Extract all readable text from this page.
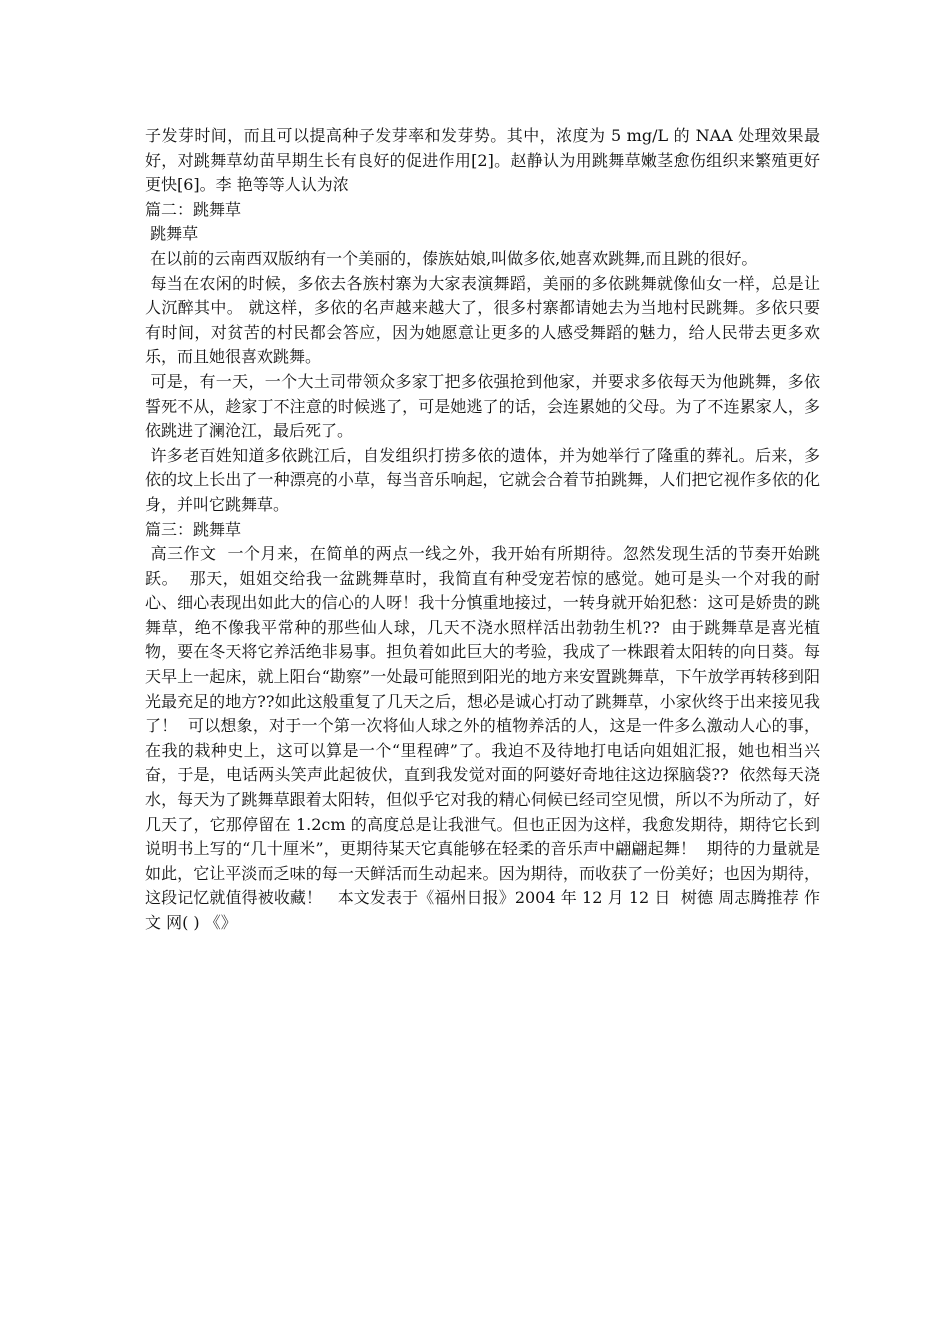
子发芽时间，而且可以提高种子发芽率和发芽势。其中，浓度为 5 mg/L 的 NAA 处理效果最好，对跳舞草幼苗早期生长有良好的促进作用[2]。赵静认为用跳舞草嫩茎愈伤组织来繁殖更好更快[6]。李 艳等等人认为浓

篇二：跳舞草

跳舞草

在以前的云南西双版纳有一个美丽的，傣族姑娘,叫做多依,她喜欢跳舞,而且跳的很好。

每当在农闲的时候，多依去各族村寨为大家表演舞蹈，美丽的多依跳舞就像仙女一样，总是让人沉醉其中。 就这样，多依的名声越来越大了，很多村寨都请她去为当地村民跳舞。多依只要有时间，对贫苦的村民都会答应，因为她愿意让更多的人感受舞蹈的魅力，给人民带去更多欢乐，而且她很喜欢跳舞。

可是，有一天，一个大土司带领众多家丁把多依强抢到他家，并要求多依每天为他跳舞，多依誓死不从，趁家丁不注意的时候逃了，可是她逃了的话，会连累她的父母。为了不连累家人，多依跳进了澜沧江，最后死了。

许多老百姓知道多依跳江后，自发组织打捞多依的遗体，并为她举行了隆重的葬礼。后来，多依的坟上长出了一种漂亮的小草，每当音乐响起，它就会合着节拍跳舞，人们把它视作多依的化身，并叫它跳舞草。

篇三：跳舞草

高三作文  一个月来，在简单的两点一线之外，我开始有所期待。忽然发现生活的节奏开始跳跃。  那天，姐姐交给我一盆跳舞草时，我简直有种受宠若惊的感觉。她可是头一个对我的耐心、细心表现出如此大的信心的人呀！我十分慎重地接过，一转身就开始犯愁：这可是娇贵的跳舞草，绝不像我平常种的那些仙人球，几天不浇水照样活出勃勃生机??  由于跳舞草是喜光植物，要在冬天将它养活绝非易事。担负着如此巨大的考验，我成了一株跟着太阳转的向日葵。每天早上一起床，就上阳台“勘察”一处最可能照到阳光的地方来安置跳舞草，下午放学再转移到阳光最充足的地方??如此这般重复了几天之后，想必是诚心打动了跳舞草，小家伙终于出来接见我了！  可以想象，对于一个第一次将仙人球之外的植物养活的人，这是一件多么激动人心的事，在我的栽种史上，这可以算是一个“里程碑”了。我迫不及待地打电话向姐姐汇报，她也相当兴奋，于是，电话两头笑声此起彼伏，直到我发觉对面的阿婆好奇地往这边探脑袋??  依然每天浇水，每天为了跳舞草跟着太阳转，但似乎它对我的精心伺候已经司空见惯，所以不为所动了，好几天了，它那停留在 1.2cm 的高度总是让我泄气。但也正因为这样，我愈发期待，期待它长到说明书上写的“几十厘米”，更期待某天它真能够在轻柔的音乐声中翩翩起舞！  期待的力量就是如此，它让平淡而乏味的每一天鲜活而生动起来。因为期待，而收获了一份美好；也因为期待，这段记忆就值得被收藏！   本文发表于《福州日报》2004 年 12 月 12 日  树德 周志腾推荐 作 文 网( ) 《》
